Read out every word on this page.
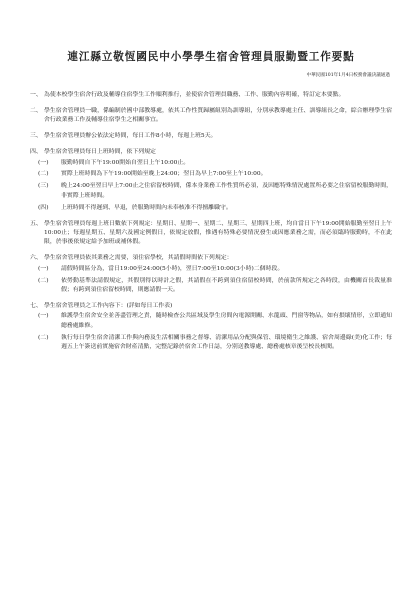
連江縣立敬恆國民中小學學生宿舍管理員服勤暨工作要點
中華民國101年1月4日校務會議決議通過
一、 為使本校學生宿舍行政及輔導住宿學生工作順利推行，並使宿舍管理員職務、工作、服勤內容明確，特訂定本要點。
二、 學生宿舍管理員一職，係編制於國中部教導處，依其工作性質歸屬組別為訓導組，分別承教導處主任、訓導組長之命，綜合辦理學生宿舍行政業務工作及輔導住宿學生之相關事宜。
三、 學生宿舍管理員辦公依法定時間，每日工作8小時，每週上班5天。
四、 學生宿舍管理員每日上班時間，依下列規定
(一)	服勤時間自下午19:00開始自翌日上午10:00止。
(二)	實際上班時間為下午19:00開始至晚上24:00；翌日為早上7:00至上午10:00。
(三)	晚上24:00至翌日早上7:00止之住宿留校時間，係本身業務工作性質所必須，及因應特殊情況處置所必要之住宿留校服勤時間，非實際上班時間。
(四)	上班時間不得遲到、早退，於服勤時間內未奉核准不得擅離職守。
五、 學生宿舍管理員每週上班日數依下列規定：星期日、星期一、星期二、星期三、星期四上班，均自當日下午19:00開始服勤至翌日上午10:00止；每週星期五、星期六及國定例假日，依規定放假，惟遇有特殊必要情況發生或因應業務之需，而必須臨時服勤時，不在此限，於事後依規定給予加班或補休假。
六、 學生宿舍管理員依其業務之需要，須住宿學校，其請假時間依下列規定：
(一)	請假時間區分為，當日19:00至24:00(5小時)，翌日7:00至10:00(3小時)二個時段。
(二)	依勞動基準法請假規定，其假別得以時計之假，其請假在不跨到須住宿留校時間，於前款所規定之各時段，由機關首長裁量准假；有跨到須住宿留校時間，則應請假一天。
七、 學生宿舍管理員之工作內容下：(詳如每日工作表)
(一)	維護學生宿舍安全並善盡管理之責，隨時檢查公共區域及學生房間內電源開關、水龍頭、門窗等物品，如有損壞情形，立即通知總務處維修。
(二)	執行每日學生宿舍清潔工作與內務及生活相關事務之督導、清潔用品分配與保管、環境衛生之維護、宿舍周邊綠(美)化工作；每週五上午簽送前實施宿舍財產清點，完整記錄於宿舍工作日誌，分別送教導處、總務處核章後呈校長核閱。
